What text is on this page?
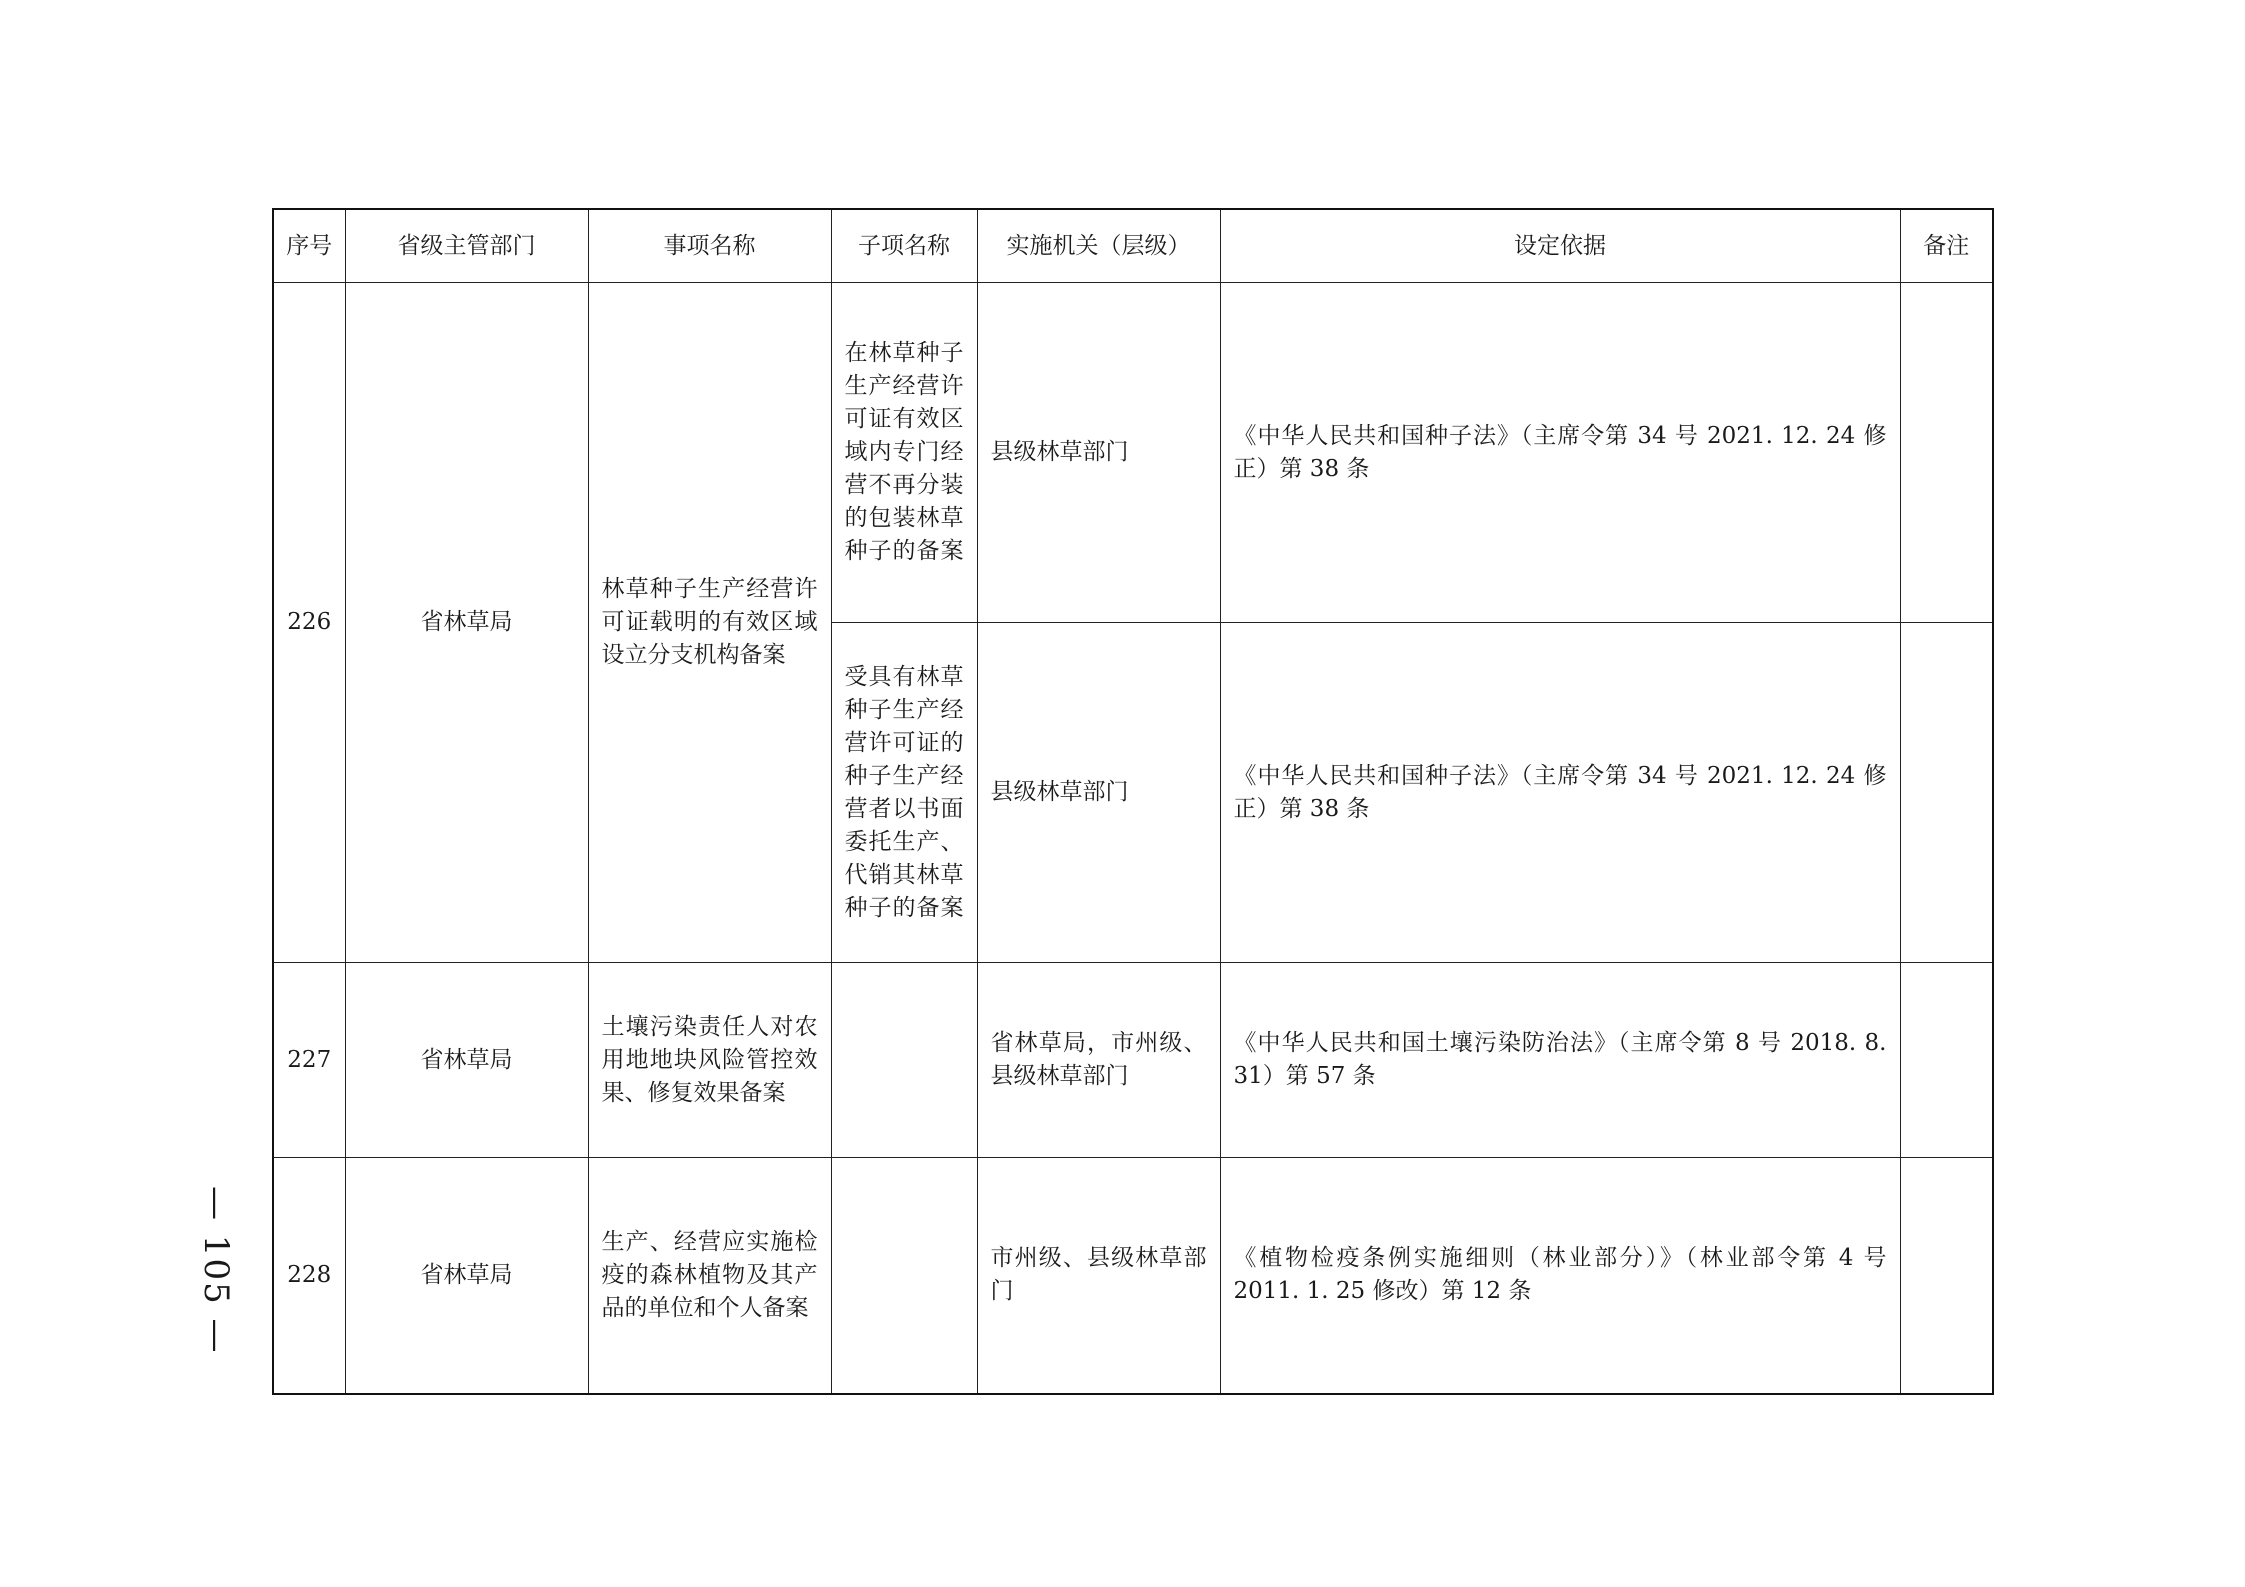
序号	省级主管部门	事项名称	子项名称	实施机关（层级）	设定依据	备注
226	省林草局	林草种子生产经营许可证载明的有效区域设立分支机构备案	在林草种子生产经营许可证有效区域内专门经营不再分装的包装林草种子的备案	县级林草部门	《中华人民共和国种子法》（主席令第 34 号 2021. 12. 24 修正）第 38 条	
			受具有林草种子生产经营许可证的种子生产经营者以书面委托生产、代销其林草种子的备案	县级林草部门	《中华人民共和国种子法》（主席令第 34 号 2021. 12. 24 修正）第 38 条	
227	省林草局	土壤污染责任人对农用地地块风险管控效果、修复效果备案		省林草局，市州级、县级林草部门	《中华人民共和国土壤污染防治法》（主席令第 8 号 2018. 8. 31）第 57 条	
228	省林草局	生产、经营应实施检疫的森林植物及其产品的单位和个人备案		市州级、县级林草部门	《植物检疫条例实施细则（林业部分）》（林业部令第 4 号 2011. 1. 25 修改）第 12 条	
— 105 —
